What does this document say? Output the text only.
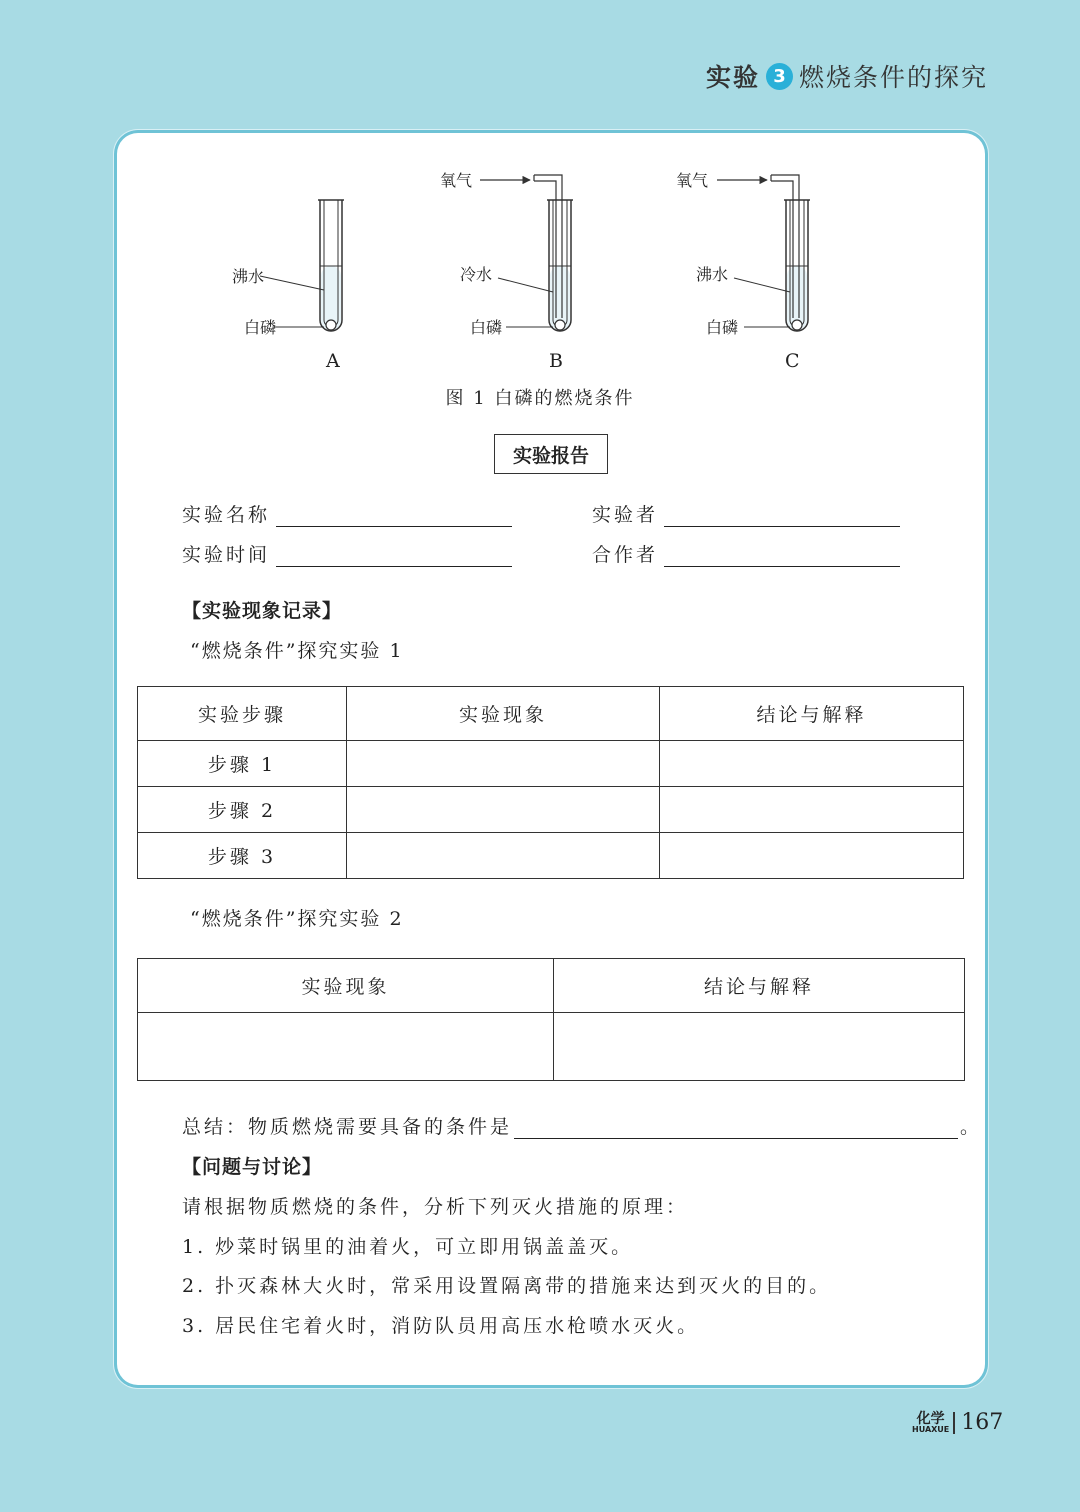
实验 3 燃烧条件的探究
沸水
白磷
A
氧气
冷水
白磷
B
氧气
沸水
白磷
C
图 1 白磷的燃烧条件
实验报告
实验名称	实验者
实验时间	合作者
【实验现象记录】
“燃烧条件”探究实验 1
实验步骤	实验现象	结论与解释
步骤 1		
步骤 2		
步骤 3		
“燃烧条件”探究实验 2
实验现象	结论与解释

总结：物质燃烧需要具备的条件是	。
【问题与讨论】
请根据物质燃烧的条件，分析下列灭火措施的原理：
1. 炒菜时锅里的油着火，可立即用锅盖盖灭。
2. 扑灭森林大火时，常采用设置隔离带的措施来达到灭火的目的。
3. 居民住宅着火时，消防队员用高压水枪喷水灭火。
化学
HUAXUE 167
